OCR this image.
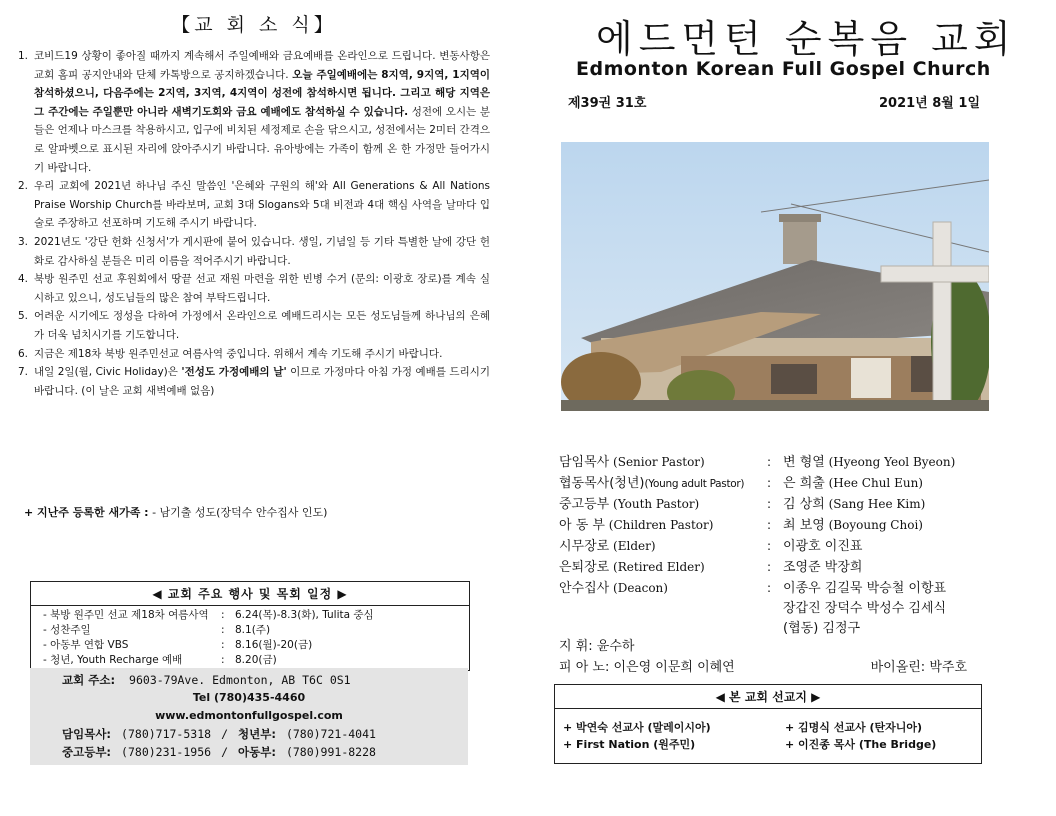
【교 회 소 식】
1. 코비드19 상황이 좋아질 때까지 계속해서 주일예배와 금요예배를 온라인으로 드립니다. 변동사항은 교회 홈피 공지안내와 단체 카톡방으로 공지하겠습니다. 오늘 주일예배에는 8지역, 9지역, 1지역이 참석하셨으니, 다음주에는 2지역, 3지역, 4지역이 성전에 참석하시면 됩니다. 그리고 해당 지역은 그 주간에는 주일뿐만 아니라 새벽기도회와 금요 예배에도 참석하실 수 있습니다. 성전에 오시는 분들은 언제나 마스크를 착용하시고, 입구에 비치된 세정제로 손을 닦으시고, 성전에서는 2미터 간격으로 알파벳으로 표시된 자리에 앉아주시기 바랍니다. 유아방에는 가족이 함께 온 한 가정만 들어가시기 바랍니다.
2. 우리 교회에 2021년 하나님 주신 말씀인 '은혜와 구원의 해'와 All Generations & All Nations Praise Worship Church를 바라보며, 교회 3대 Slogans와 5대 비전과 4대 핵심 사역을 날마다 입술로 주장하고 선포하며 기도해 주시기 바랍니다.
3. 2021년도 '강단 헌화 신청서'가 게시판에 붙어 있습니다. 생일, 기념일 등 기타 특별한 날에 강단 헌화로 감사하실 분들은 미리 이름을 적어주시기 바랍니다.
4. 북방 원주민 선교 후원회에서 땅끝 선교 재원 마련을 위한 빈병 수거 (문의: 이광호 장로)를 계속 실시하고 있으니, 성도님들의 많은 참여 부탁드립니다.
5. 어려운 시기에도 정성을 다하여 가정에서 온라인으로 예배드리시는 모든 성도님들께 하나님의 은혜가 더욱 넘치시기를 기도합니다.
6. 지금은 제18차 북방 원주민선교 여름사역 중입니다. 위해서 계속 기도해 주시기 바랍니다.
7. 내일 2일(월, Civic Holiday)은 '전성도 가정예배의 날' 이므로 가정마다 아침 가정 예배를 드리시기 바랍니다. (이 날은 교회 새벽예배 없음)
+ 지난주 등록한 새가족 : - 남기출 성도(장덕수 안수집사 인도)
◀ 교회 주요 행사 및 목회 일정 ▶
- 북방 원주민 선교 제18차 여름사역	: 6.24(목)-8.3(화), Tulita 중심
- 성찬주일	: 8.1(주)
- 아동부 연합 VBS	: 8.16(월)-20(금)
- 청년, Youth Recharge 예배	: 8.20(금)
교회 주소: 9603-79Ave. Edmonton, AB T6C 0S1
Tel (780)435-4460
www.edmontonfullgospel.com
담임목사: (780)717-5318 / 청년부: (780)721-4041
중고등부: (780)231-1956 / 아동부: (780)991-8228
에드먼턴 순복음 교회
Edmonton Korean Full Gospel Church
제39권 31호	2021년 8월 1일
담임목사 (Senior Pastor)	: 변 형열 (Hyeong Yeol Byeon)
협동목사(청년)(Young adult Pastor)	: 은 희출 (Hee Chul Eun)
중고등부 (Youth Pastor)	: 김 상희 (Sang Hee Kim)
아 동 부 (Children Pastor)	: 최 보영 (Boyoung Choi)
시무장로 (Elder)	: 이광호 이진표
은퇴장로 (Retired Elder)	: 조영준 박장희
안수집사 (Deacon)	: 이종우 김길묵 박승철 이항표
장갑진 장덕수 박성수 김세식
(협동) 김정구
지 휘: 윤수하
피 아 노: 이은영 이문희 이혜연	바이올린: 박주호
◀ 본 교회 선교지 ▶
+ 박연숙 선교사 (말레이시아)	+ 김명식 선교사 (탄자니아)
+ First Nation (원주민)	+ 이진종 목사 (The Bridge)
